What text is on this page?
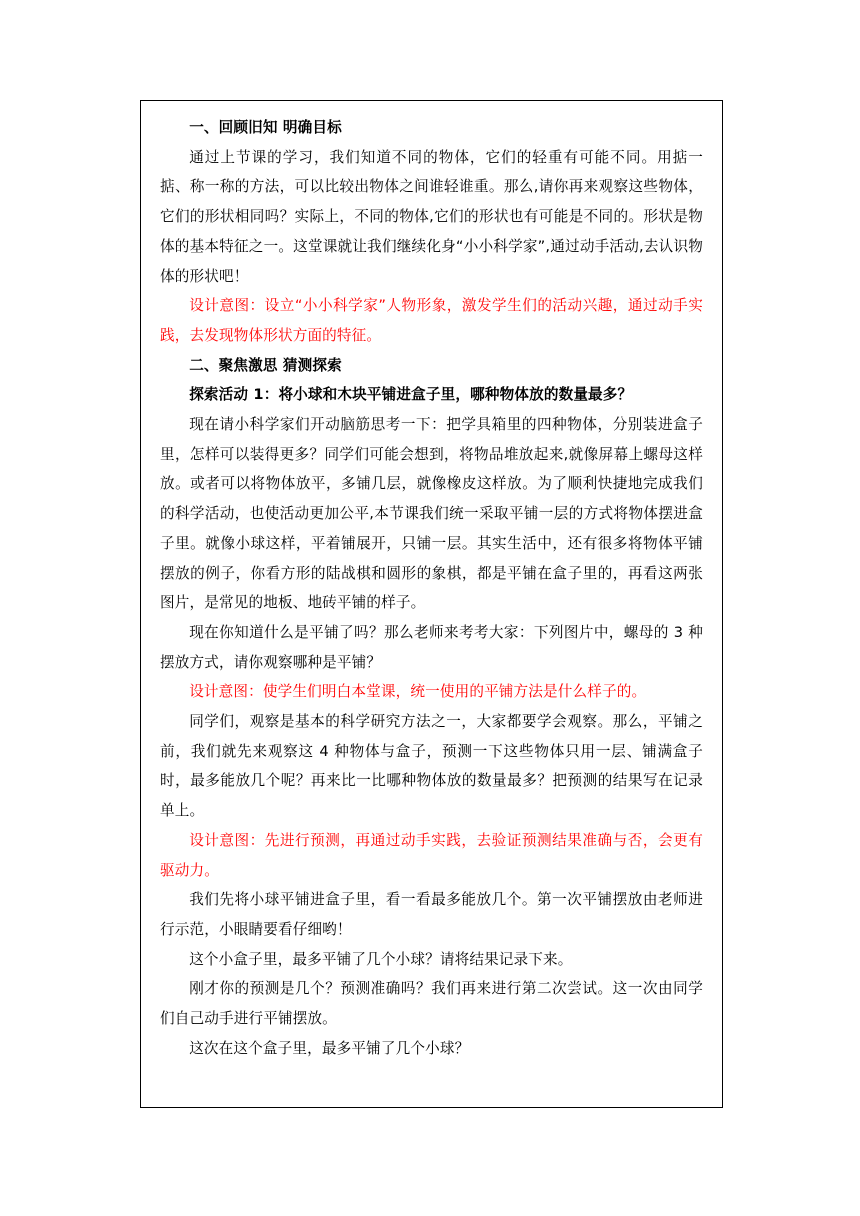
一、回顾旧知 明确目标

通过上节课的学习，我们知道不同的物体，它们的轻重有可能不同。用掂一掂、称一称的方法，可以比较出物体之间谁轻谁重。那么,请你再来观察这些物体，它们的形状相同吗？实际上，不同的物体,它们的形状也有可能是不同的。形状是物体的基本特征之一。这堂课就让我们继续化身“小小科学家”,通过动手活动,去认识物体的形状吧！

设计意图：设立“小小科学家”人物形象，激发学生们的活动兴趣，通过动手实践，去发现物体形状方面的特征。

二、聚焦激思 猜测探索

探索活动 1：将小球和木块平铺进盒子里，哪种物体放的数量最多？

现在请小科学家们开动脑筋思考一下：把学具箱里的四种物体，分别装进盒子里，怎样可以装得更多？同学们可能会想到，将物品堆放起来,就像屏幕上螺母这样放。或者可以将物体放平，多铺几层，就像橡皮这样放。为了顺利快捷地完成我们的科学活动，也使活动更加公平,本节课我们统一采取平铺一层的方式将物体摆进盒子里。就像小球这样，平着铺展开，只铺一层。其实生活中，还有很多将物体平铺摆放的例子，你看方形的陆战棋和圆形的象棋，都是平铺在盒子里的，再看这两张图片，是常见的地板、地砖平铺的样子。

现在你知道什么是平铺了吗？那么老师来考考大家：下列图片中，螺母的 3 种摆放方式，请你观察哪种是平铺？

设计意图：使学生们明白本堂课，统一使用的平铺方法是什么样子的。

同学们，观察是基本的科学研究方法之一，大家都要学会观察。那么，平铺之前，我们就先来观察这 4 种物体与盒子，预测一下这些物体只用一层、铺满盒子时，最多能放几个呢？再来比一比哪种物体放的数量最多？把预测的结果写在记录单上。

设计意图：先进行预测，再通过动手实践，去验证预测结果准确与否，会更有驱动力。

我们先将小球平铺进盒子里，看一看最多能放几个。第一次平铺摆放由老师进行示范，小眼睛要看仔细哟！

这个小盒子里，最多平铺了几个小球？请将结果记录下来。

刚才你的预测是几个？预测准确吗？我们再来进行第二次尝试。这一次由同学们自己动手进行平铺摆放。

这次在这个盒子里，最多平铺了几个小球？
